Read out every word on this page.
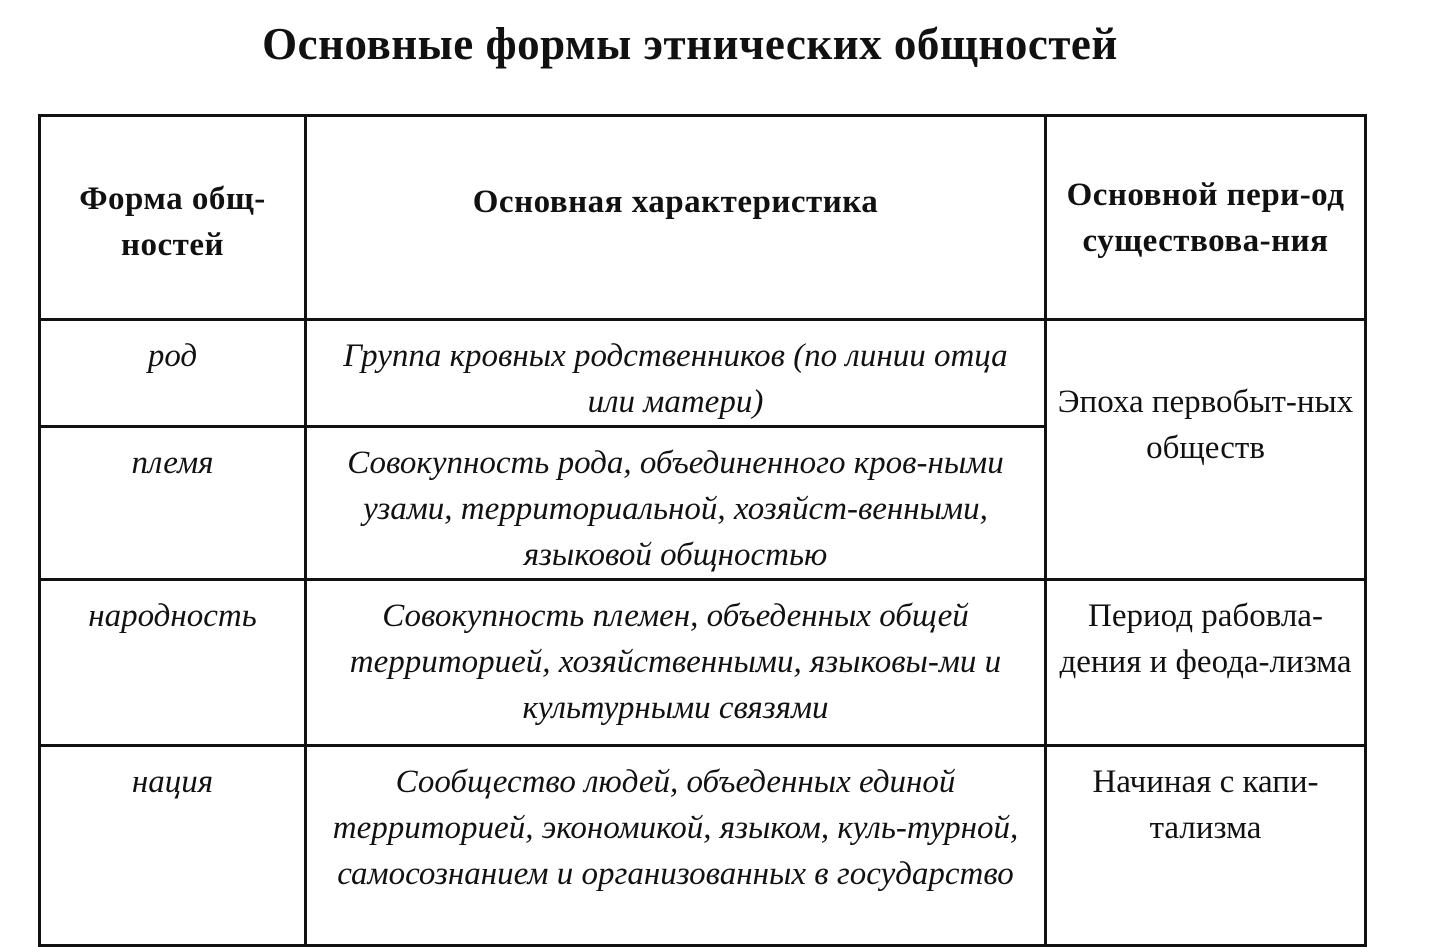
Основные формы этнических общностей
Форма общ-ностей	Основная характеристика	Основной пери-од существова-ния
род	Группа кровных родственников (по линии отца или матери)	Эпоха первобыт-ных обществ
племя	Совокупность рода, объединенного кров-ными узами, территориальной, хозяйст-венными, языковой общностью	
народность	Совокупность племен, объеденных общей территорией, хозяйственными, языковы-ми и культурными связями	Период рабовла-дения и феода-лизма
нация	Сообщество людей, объеденных единой территорией, экономикой, языком, куль-турной, самосознанием и организованных в государство	Начиная с капи-тализма
